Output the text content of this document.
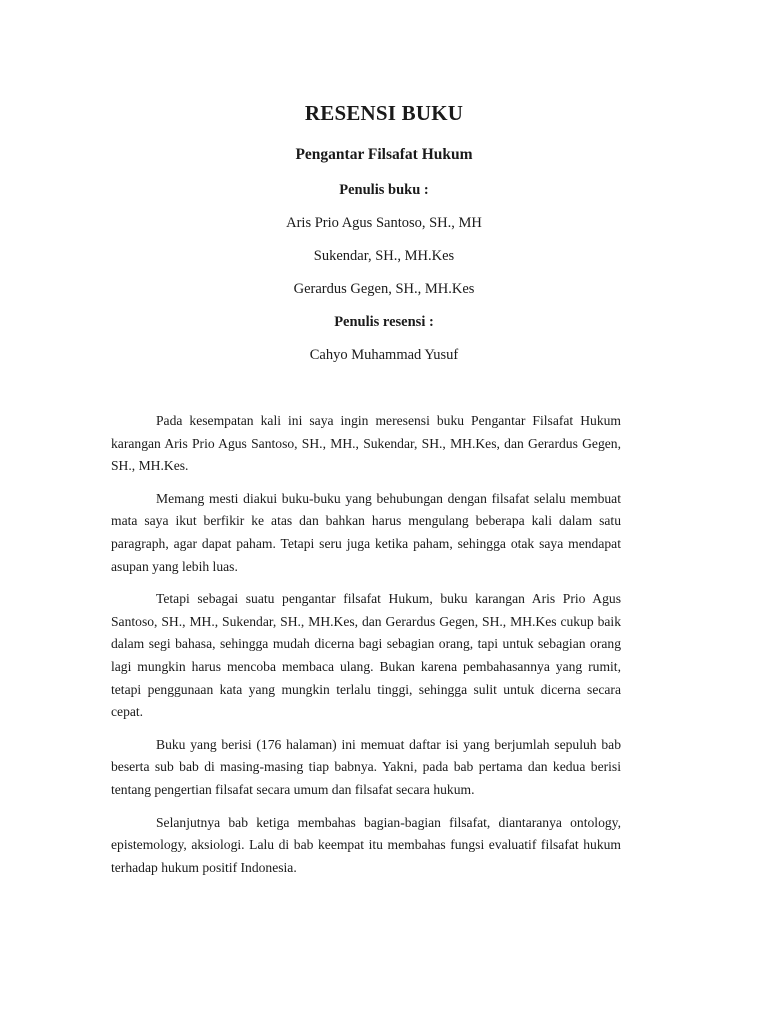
RESENSI BUKU
Pengantar Filsafat Hukum
Penulis buku :
Aris Prio Agus Santoso, SH., MH
Sukendar, SH., MH.Kes
Gerardus Gegen, SH., MH.Kes
Penulis resensi :
Cahyo Muhammad Yusuf

Pada kesempatan kali ini saya ingin meresensi buku Pengantar Filsafat Hukum karangan Aris Prio Agus Santoso, SH., MH., Sukendar, SH., MH.Kes, dan Gerardus Gegen, SH., MH.Kes.

Memang mesti diakui buku-buku yang behubungan dengan filsafat selalu membuat mata saya ikut berfikir ke atas dan bahkan harus mengulang beberapa kali dalam satu paragraph, agar dapat paham. Tetapi seru juga ketika paham, sehingga otak saya mendapat asupan yang lebih luas.

Tetapi sebagai suatu pengantar filsafat Hukum, buku karangan Aris Prio Agus Santoso, SH., MH., Sukendar, SH., MH.Kes, dan Gerardus Gegen, SH., MH.Kes cukup baik dalam segi bahasa, sehingga mudah dicerna bagi sebagian orang, tapi untuk sebagian orang lagi mungkin harus mencoba membaca ulang. Bukan karena pembahasannya yang rumit, tetapi penggunaan kata yang mungkin terlalu tinggi, sehingga sulit untuk dicerna secara cepat.

Buku yang berisi (176 halaman) ini memuat daftar isi yang berjumlah sepuluh bab beserta sub bab di masing-masing tiap babnya. Yakni, pada bab pertama dan kedua berisi tentang pengertian filsafat secara umum dan filsafat secara hukum.

Selanjutnya bab ketiga membahas bagian-bagian filsafat, diantaranya ontology, epistemology, aksiologi. Lalu di bab keempat itu membahas fungsi evaluatif filsafat hukum terhadap hukum positif Indonesia.
